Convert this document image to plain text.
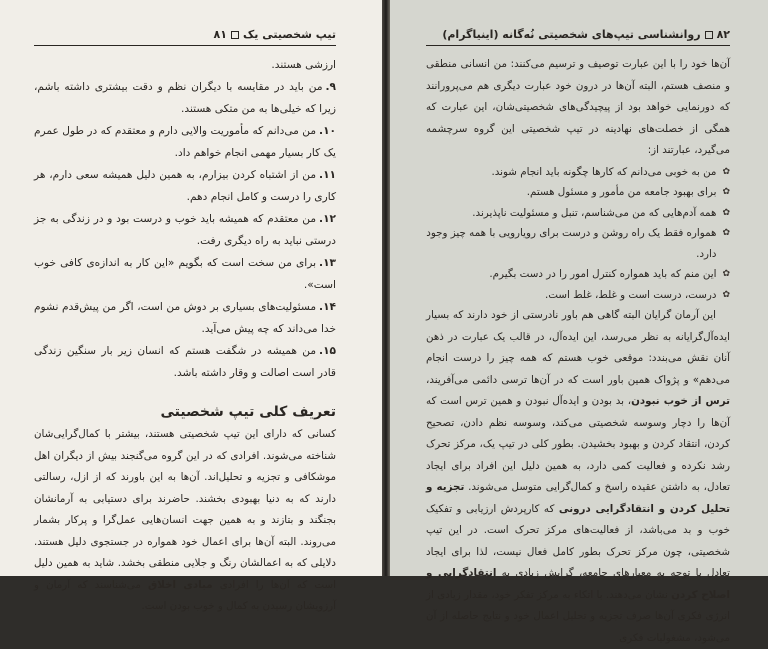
تیپ شخصیتی یک
۸۱
ارزشی هستند.
۹.من باید در مقایسه با دیگران نظم و دقت بیشتری داشته باشم، زیرا که خیلی‌ها به من متکی هستند.
۱۰.من می‌دانم که مأموریت والایی دارم و معتقدم که در طول عمرم یک کار بسیار مهمی انجام خواهم داد.
۱۱.من از اشتباه کردن بیزارم، به همین دلیل همیشه سعی دارم، هر کاری را درست و کامل انجام دهم.
۱۲.من معتقدم که همیشه باید خوب و درست بود و در زندگی به جز درستی نباید به راه دیگری رفت.
۱۳.برای من سخت است که بگویم «این کار به اندازه‌ی کافی خوب است».
۱۴.مسئولیت‌های بسیاری بر دوش من است، اگر من پیش‌قدم نشوم خدا می‌داند که چه پیش می‌آید.
۱۵.من همیشه در شگفت هستم که انسان زیر بار سنگین زندگی قادر است اصالت و وقار داشته باشد.
تعریف کلی تیپ شخصیتی

کسانی که دارای این تیپ شخصیتی هستند، بیشتر با کمال‌گرایی‌شان شناخته می‌شوند. افرادی که در این گروه می‌گنجند بیش از دیگران اهل موشکافی و تجزیه و تحلیل‌اند. آن‌ها به این باورند که از ازل، رسالتی دارند که به دنیا بهبودی بخشند. حاضرند برای دستیابی به آرمانشان بجنگند و بتازند و به همین جهت انسان‌هایی عمل‌گرا و پرکار بشمار می‌روند. البته آن‌ها برای اعمال خود همواره در جستجوی دلیل هستند. دلایلی که به اعمالشان رنگ و جلایی منطقی بخشد. شاید به همین دلیل است که آن‌ها را افرادی مبادی اخلاق می‌شناسند که آرمان و آرزویشان رسیدن به کمال و خوب بودن است.

۸۲
روانشناسی تیپ‌های شخصیتی نُه‌گانه (اینیاگرام)

آن‌ها خود را با این عبارت توصیف و ترسیم می‌کنند: من انسانی منطقی و منصف هستم، البته آن‌ها در درون خود عبارت دیگری هم می‌پرورانند که دورنمایی خواهد بود از پیچیدگی‌های شخصیتی‌شان، این عبارت که همگی از خصلت‌های نهادینه در تیپ شخصیتی این گروه سرچشمه می‌گیرد، عبارتند از:

✿
من به خوبی می‌دانم که کارها چگونه باید انجام شوند.
✿
برای بهبود جامعه من مأمور و مسئول هستم.
✿
همه آدم‌هایی که من می‌شناسم، تنبل و مسئولیت ناپذیرند.
✿
همواره فقط یک راه روشن و درست برای رویارویی با همه چیز وجود دارد.
✿
این منم که باید همواره کنترل امور را در دست بگیرم.
✿
درست، درست است و غلط، غلط است.

این آرمان گرایان البته گاهی هم باور نادرستی از خود دارند که بسیار ایده‌آل‌گرایانه به نظر می‌رسد، این ایده‌آل، در قالب یک عبارت در ذهن آنان نقش می‌بندد: موقعی خوب هستم که همه چیز را درست انجام می‌دهم» و پژواک همین باور است که در آن‌ها ترسی دائمی می‌آفریند، ترس از خوب نبودن، بد بودن و ایده‌آل نبودن و همین ترس است که آن‌ها را دچار وسوسه شخصیتی می‌کند، وسوسه نظم دادن، تصحیح کردن، انتقاد کردن و بهبود بخشیدن. بطور کلی در تیپ یک، مرکز تحرک رشد نکرده و فعالیت کمی دارد، به همین دلیل این افراد برای ایجاد تعادل، به داشتن عقیده راسخ و کمال‌گرایی متوسل می‌شوند. تجزیه و تحلیل کردن و انتقادگرایی درونی که کارپردش ارزیابی و تفکیک خوب و بد می‌باشد، از فعالیت‌های مرکز تحرک است. در این تیپ شخصیتی، چون مرکز تحرک بطور کامل فعال نیست، لذا برای ایجاد تعادل با توجه به معیارهای جامعه، گرایش زیادی به انتقادگرایی و اصلاح کردن نشان می‌دهند. با اتکاء به مرکز تفکر خود، مقدار زیادی از انرژی فکری آن‌ها صرف تجزیه و تحلیل اعمال خود و نتایج حاصله از آن می‌شود، مشغولیات فکری
